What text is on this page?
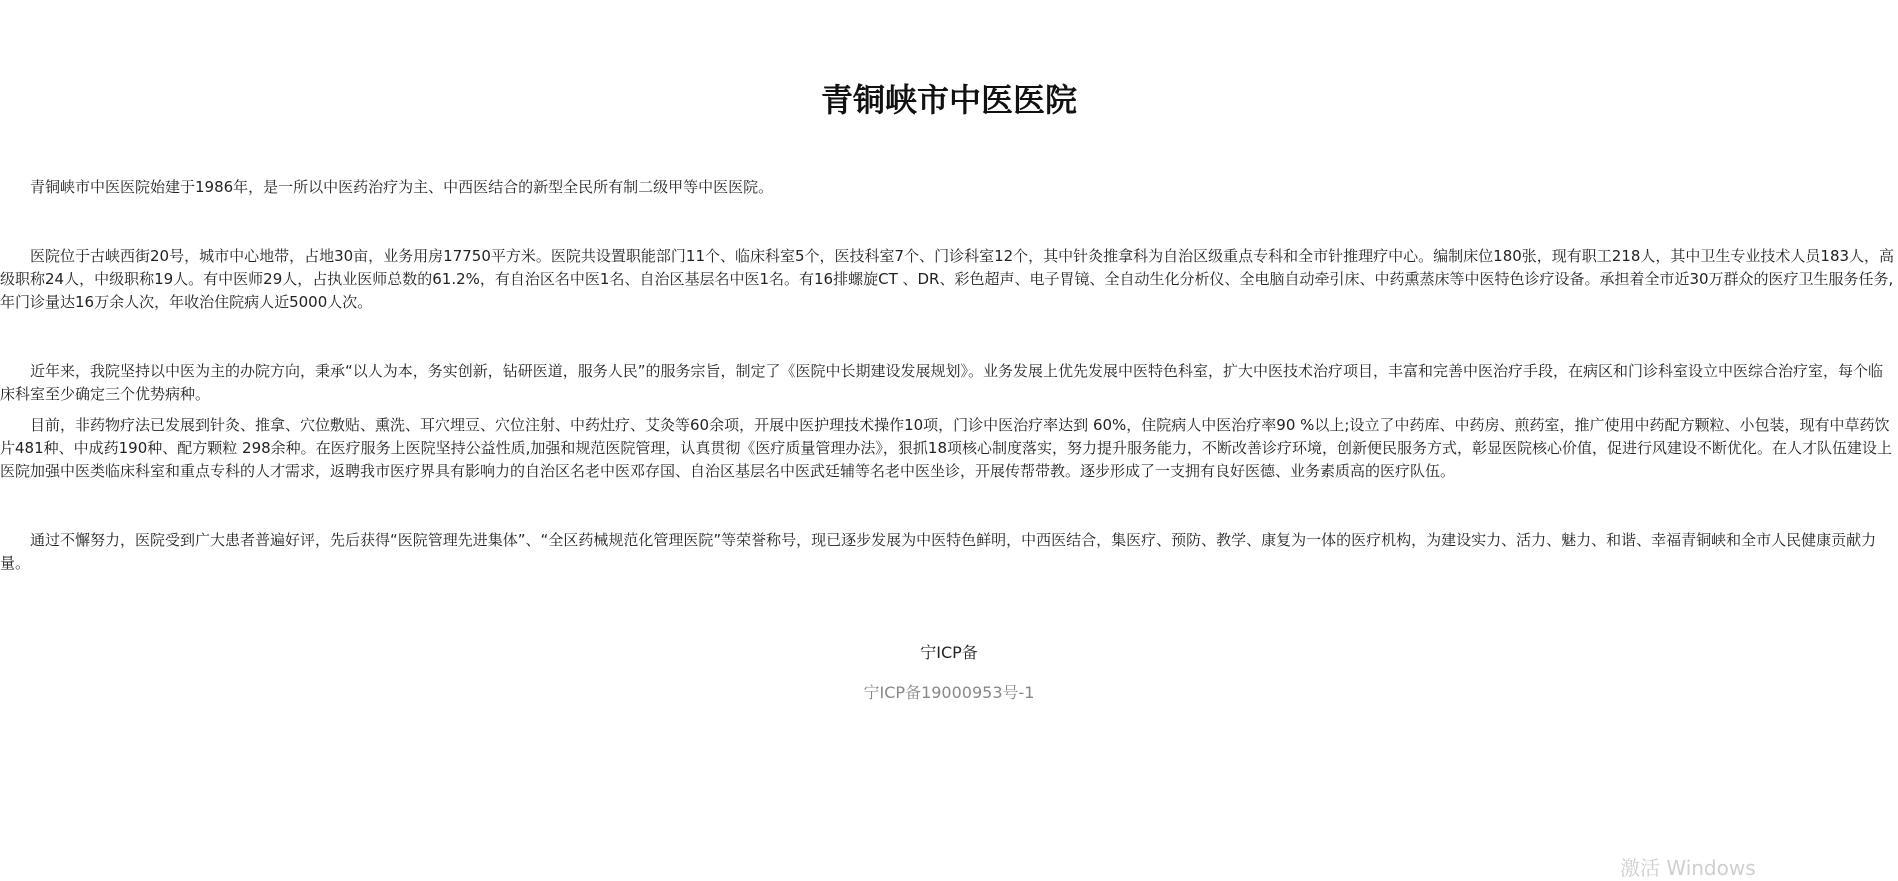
青铜峡市中医医院

青铜峡市中医医院始建于1986年，是一所以中医药治疗为主、中西医结合的新型全民所有制二级甲等中医医院。

医院位于古峡西街20号，城市中心地带，占地30亩，业务用房17750平方米。医院共设置职能部门11个、临床科室5个，医技科室7个、门诊科室12个，其中针灸推拿科为自治区级重点专科和全市针推理疗中心。编制床位180张，现有职工218人，其中卫生专业技术人员183人，高级职称24人，中级职称19人。有中医师29人，占执业医师总数的61.2%，有自治区名中医1名、自治区基层名中医1名。有16排螺旋CT 、DR、彩色超声、电子胃镜、全自动生化分析仪、全电脑自动牵引床、中药熏蒸床等中医特色诊疗设备。承担着全市近30万群众的医疗卫生服务任务,年门诊量达16万余人次，年收治住院病人近5000人次。

近年来，我院坚持以中医为主的办院方向，秉承“以人为本，务实创新，钻研医道，服务人民”的服务宗旨，制定了《医院中长期建设发展规划》。业务发展上优先发展中医特色科室，扩大中医技术治疗项目，丰富和完善中医治疗手段，在病区和门诊科室设立中医综合治疗室，每个临床科室至少确定三个优势病种。

目前，非药物疗法已发展到针灸、推拿、穴位敷贴、熏洗、耳穴埋豆、穴位注射、中药灶疗、艾灸等60余项，开展中医护理技术操作10项，门诊中医治疗率达到 60%，住院病人中医治疗率90 %以上;设立了中药库、中药房、煎药室，推广使用中药配方颗粒、小包装，现有中草药饮片481种、中成药190种、配方颗粒 298余种。在医疗服务上医院坚持公益性质,加强和规范医院管理，认真贯彻《医疗质量管理办法》，狠抓18项核心制度落实，努力提升服务能力，不断改善诊疗环境，创新便民服务方式，彰显医院核心价值，促进行风建设不断优化。在人才队伍建设上医院加强中医类临床科室和重点专科的人才需求，返聘我市医疗界具有影响力的自治区名老中医邓存国、自治区基层名中医武廷辅等名老中医坐诊，开展传帮带教。逐步形成了一支拥有良好医德、业务素质高的医疗队伍。

通过不懈努力，医院受到广大患者普遍好评，先后获得“医院管理先进集体”、“全区药械规范化管理医院”等荣誉称号，现已逐步发展为中医特色鲜明，中西医结合，集医疗、预防、教学、康复为一体的医疗机构，为建设实力、活力、魅力、和谐、幸福青铜峡和全市人民健康贡献力量。

宁ICP备
宁ICP备19000953号-1
激活 Windows
